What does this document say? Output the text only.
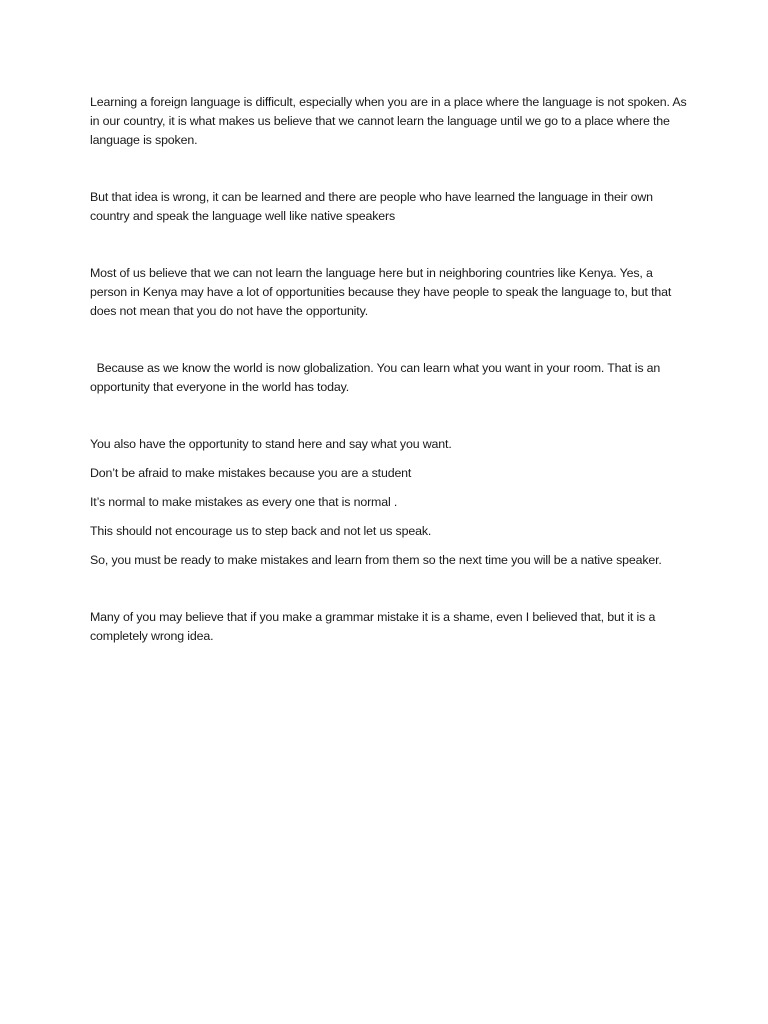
Learning a foreign language is difficult, especially when you are in a place where the language is not spoken. As in our country, it is what makes us believe that we cannot learn the language until we go to a place where the language is spoken.

But that idea is wrong, it can be learned and there are people who have learned the language in their own country and speak the language well like native speakers

Most of us believe that we can not learn the language here but in neighboring countries like Kenya. Yes, a person in Kenya may have a lot of opportunities because they have people to speak the language to, but that does not mean that you do not have the opportunity.

Because as we know the world is now globalization. You can learn what you want in your room. That is an opportunity that everyone in the world has today.

You also have the opportunity to stand here and say what you want.

Don’t be afraid to make mistakes because you are a student

It’s normal to make mistakes as every one that is normal .

This should not encourage us to step back and not let us speak.

So, you must be ready to make mistakes and learn from them so the next time you will be a native speaker.

Many of you may believe that if you make a grammar mistake it is a shame, even I believed that, but it is a completely wrong idea.
